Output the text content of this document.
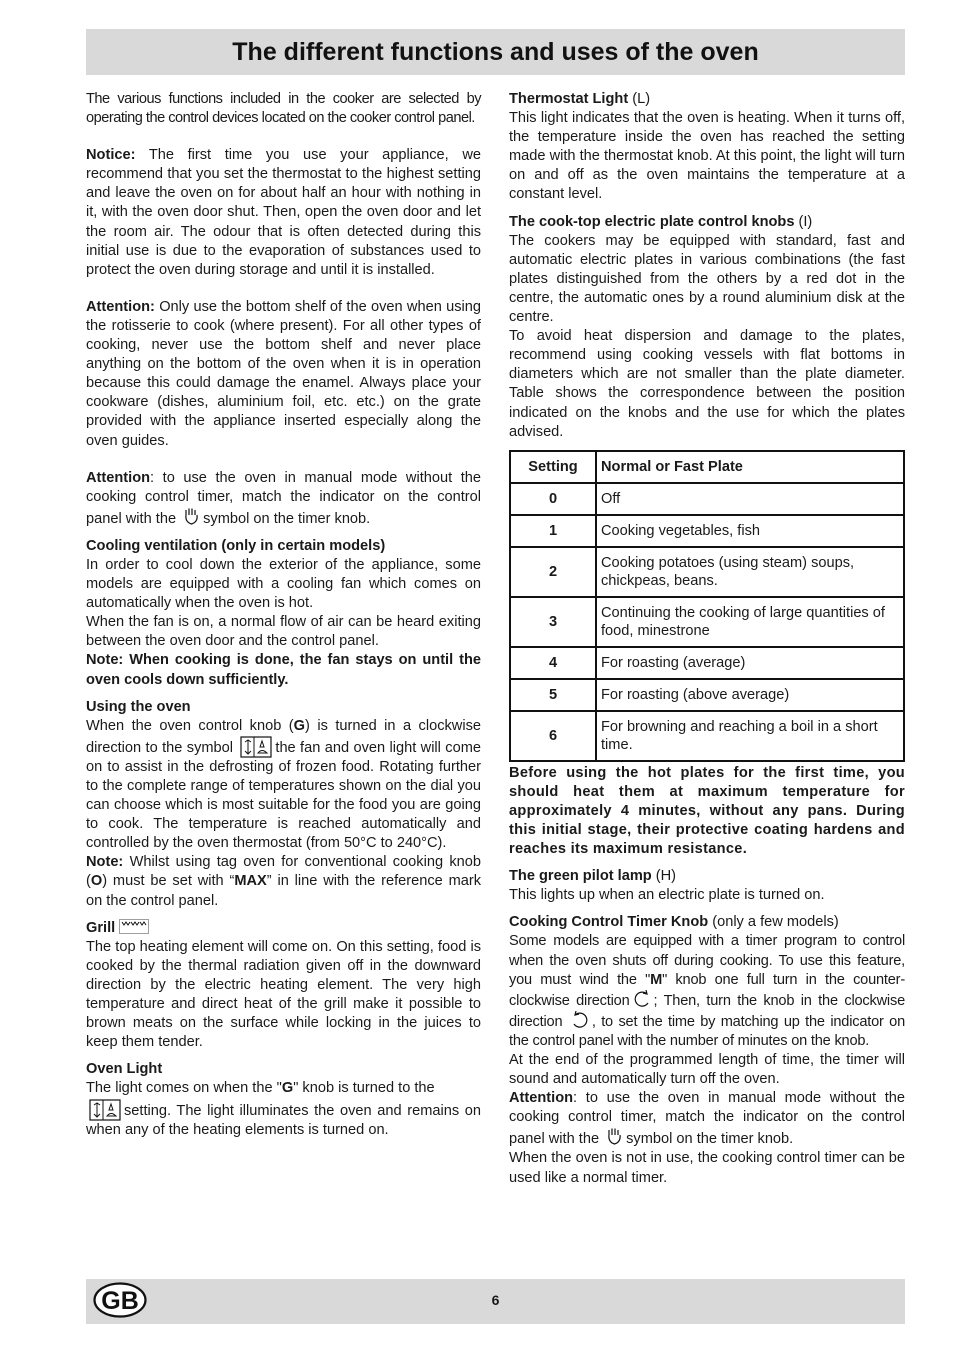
The different functions and uses of the oven

The various functions included in the cooker are selected by operating the control devices located on the cooker control panel.

Notice: The first time you use your appliance, we recommend that you set the thermostat to the highest setting and leave the oven on for about half an hour with nothing in it, with the oven door shut. Then, open the oven door and let the room air. The odour that is often detected during this initial use is due to the evaporation of substances used to protect the oven during storage and until it is installed.

Attention: Only use the bottom shelf of the oven when using the rotisserie to cook (where present). For all other types of cooking, never use the bottom shelf and never place anything on the bottom of the oven when it is in operation because this could damage the enamel. Always place your cookware (dishes, aluminium foil, etc. etc.) on the grate provided with the appliance inserted especially along the oven guides.

Attention: to use the oven in manual mode without the cooking control timer, match the indicator on the control panel with the symbol on the timer knob.

Cooling ventilation (only in certain models)

In order to cool down the exterior of the appliance, some models are equipped with a cooling fan which comes on automatically when the oven is hot.

When the fan is on, a normal flow of air can be heard exiting between the oven door and the control panel.

Note: When cooking is done, the fan stays on until the oven cools down sufficiently.

Using the oven

When the oven control knob (G) is turned in a clockwise direction to the symbol	the fan and oven light will come on to assist in the defrosting of frozen food. Rotating further to the complete range of temperatures shown on the dial you can choose which is most suitable for the food you are going to cook. The temperature is reached automatically and controlled by the oven thermostat (from 50°C to 240°C).

Note: Whilst using tag oven for conventional cooking knob (O) must be set with “MAX” in line with the reference mark on the control panel.

Grill

The top heating element will come on. On this setting, food is cooked by the thermal radiation given off in the downward direction by the electric heating element. The very high temperature and direct heat of the grill make it possible to brown meats on the surface while locking in the juices to keep them tender.

Oven Light

The light comes on when the "G" knob is turned to the
setting. The light illuminates the oven and remains on when any of the heating elements is turned on.

Thermostat Light (L)

This light indicates that the oven is heating. When it turns off, the temperature inside the oven has reached the setting made with the thermostat knob. At this point, the light will turn on and off as the oven maintains the temperature at a constant level.

The cook-top electric plate control knobs (I)

The cookers may be equipped with standard, fast and automatic electric plates in various combinations (the fast plates distinguished from the others by a red dot in the centre, the automatic ones by a round aluminium disk at the centre.

To avoid heat dispersion and damage to the plates, recommend using cooking vessels with flat bottoms in diameters which are not smaller than the plate diameter. Table shows the correspondence between the position indicated on the knobs and the use for which the plates advised.

Setting	Normal or Fast Plate
0	Off
1	Cooking vegetables, fish
2	Cooking potatoes (using steam) soups, chickpeas, beans.
3	Continuing the cooking of large quantities of food, minestrone
4	For roasting (average)
5	For roasting (above average)
6	For browning and reaching a boil in a short time.

Before using the hot plates for the first time, you should heat them at maximum temperature for approximately 4 minutes, without any pans. During this initial stage, their protective coating hardens and reaches its maximum resistance.

The green pilot lamp (H)

This lights up when an electric plate is turned on.

Cooking Control Timer Knob (only a few models)

Some models are equipped with a timer program to control when the oven shuts off during cooking. To use this feature, you must wind the "M" knob one full turn in the counter-clockwise direction ; Then, turn the knob in the clockwise direction , to set the time by matching up the indicator on the control panel with the number of minutes on the knob.

At the end of the programmed length of time, the timer will sound and automatically turn off the oven.

Attention: to use the oven in manual mode without the cooking control timer, match the indicator on the control panel with the symbol on the timer knob.

When the oven is not in use, the cooking control timer can be used like a normal timer.

GB	6
